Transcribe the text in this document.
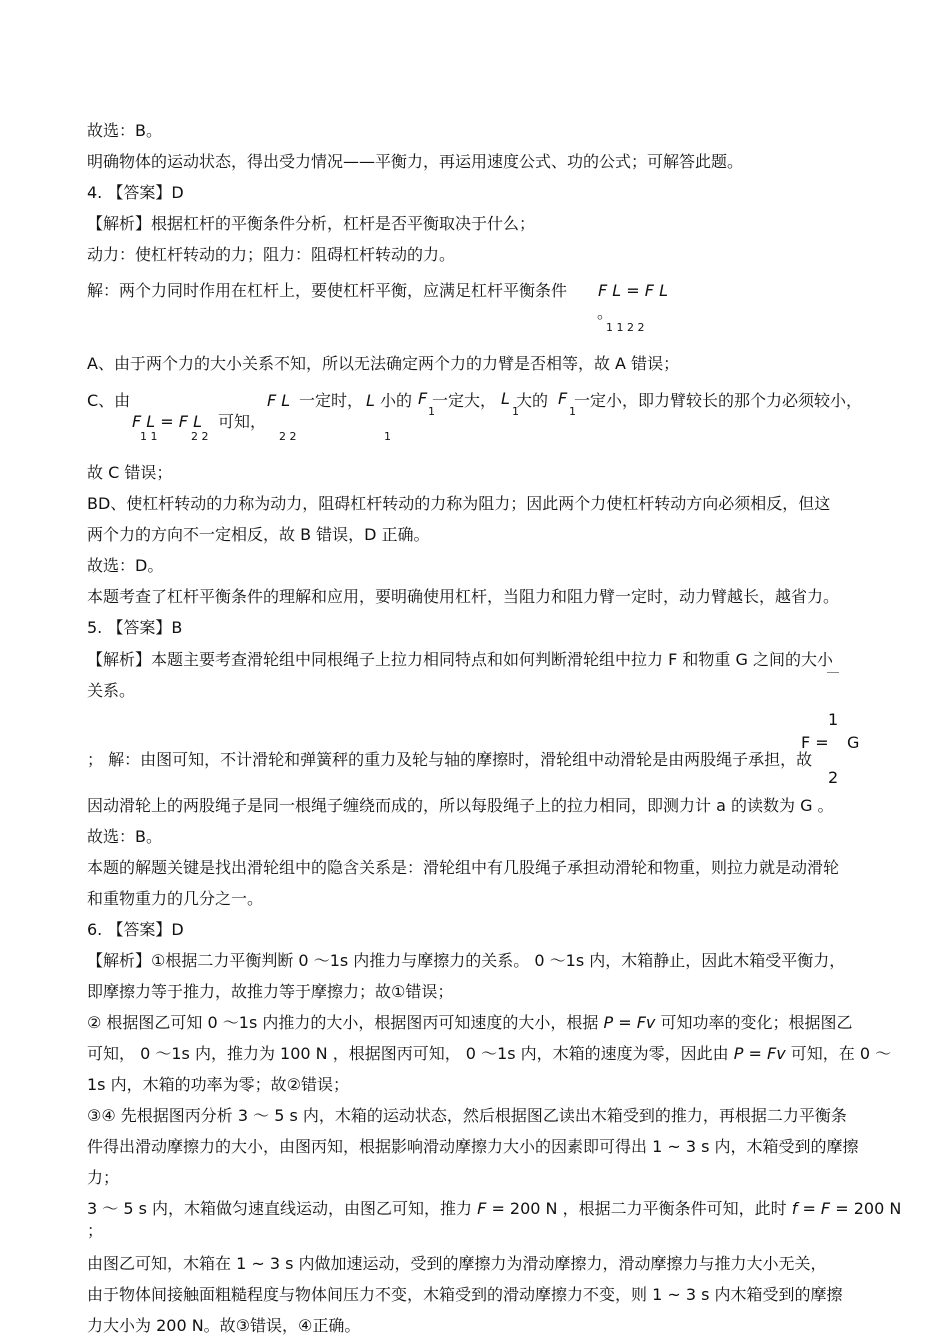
故选：B。
明确物体的运动状态，得出受力情况——平衡力，再运用速度公式、功的公式；可解答此题。
4. 【答案】D
【解析】根据杠杆的平衡条件分析，杠杆是否平衡取决于什么；
动力：使杠杆转动的力；阻力：阻碍杠杆转动的力。
解：两个力同时作用在杠杆上，要使杠杆平衡，应满足杠杆平衡条件 F L = F L
。
1 1 2 2
A、由于两个力的大小关系不知，所以无法确定两个力的力臂是否相等，故 A 错误；
C、由	F L 一定时， L 小的 F 一定大， L 大的 F 一定小，即力臂较长的那个力必须较小，
1	1	1
F L = F L 可知，
1 1	2 2	2 2	1
故 C 错误；
BD、使杠杆转动的力称为动力，阻碍杠杆转动的力称为阻力；因此两个力使杠杆转动方向必须相反，但这
两个力的方向不一定相反，故 B 错误，D 正确。
故选：D。
本题考查了杠杆平衡条件的理解和应用，要明确使用杠杆，当阻力和阻力臂一定时，动力臂越长，越省力。
5. 【答案】B
【解析】本题主要考查滑轮组中同根绳子上拉力相同特点和如何判断滑轮组中拉力 F 和物重 G 之间的大小
关系。
1
F = G
2
； 解：由图可知，不计滑轮和弹簧秤的重力及轮与轴的摩擦时，滑轮组中动滑轮是由两股绳子承担，故
因动滑轮上的两股绳子是同一根绳子缠绕而成的，所以每股绳子上的拉力相同，即测力计 a 的读数为 G 。
故选：B。
本题的解题关键是找出滑轮组中的隐含关系是：滑轮组中有几股绳子承担动滑轮和物重，则拉力就是动滑轮
和重物重力的几分之一。
6. 【答案】D
【解析】①根据二力平衡判断 0 ～1s 内推力与摩擦力的关系。 0 ～1s 内，木箱静止，因此木箱受平衡力，
即摩擦力等于推力，故推力等于摩擦力；故①错误；
② 根据图乙可知 0 ～1s 内推力的大小，根据图丙可知速度的大小，根据 P = Fv 可知功率的变化；根据图乙
可知， 0 ～1s 内，推力为 100 N ，根据图丙可知， 0 ～1s 内，木箱的速度为零，因此由 P = Fv 可知，在 0 ～
1s 内，木箱的功率为零；故②错误；
③④ 先根据图丙分析 3 ～ 5 s 内，木箱的运动状态，然后根据图乙读出木箱受到的推力，再根据二力平衡条
件得出滑动摩擦力的大小，由图丙知，根据影响滑动摩擦力大小的因素即可得出 1 ~ 3 s 内，木箱受到的摩擦
力；
3 ～ 5 s 内，木箱做匀速直线运动，由图乙可知，推力 F = 200 N ，根据二力平衡条件可知，此时 f = F = 200 N
；
由图乙可知，木箱在 1 ~ 3 s 内做加速运动，受到的摩擦力为滑动摩擦力，滑动摩擦力与推力大小无关，
由于物体间接触面粗糙程度与物体间压力不变，木箱受到的滑动摩擦力不变，则 1 ~ 3 s 内木箱受到的摩擦
力大小为 200 N。故③错误，④正确。
